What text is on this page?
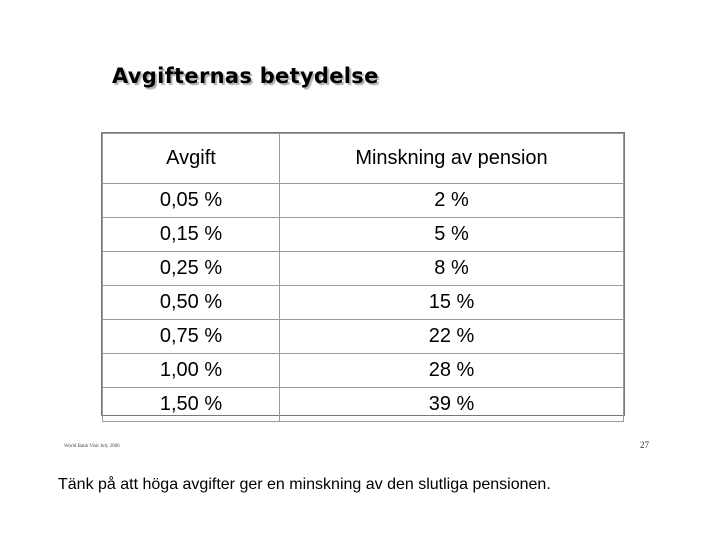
Avgifternas betydelse
Avgift	Minskning av pension
0,05 %	2 %
0,15 %	5 %
0,25 %	8 %
0,50 %	15 %
0,75 %	22 %
1,00 %	28 %
1,50 %	39 %
World Bank Visit July 2006	27
Tänk på att höga avgifter ger en minskning av den slutliga pensionen.
